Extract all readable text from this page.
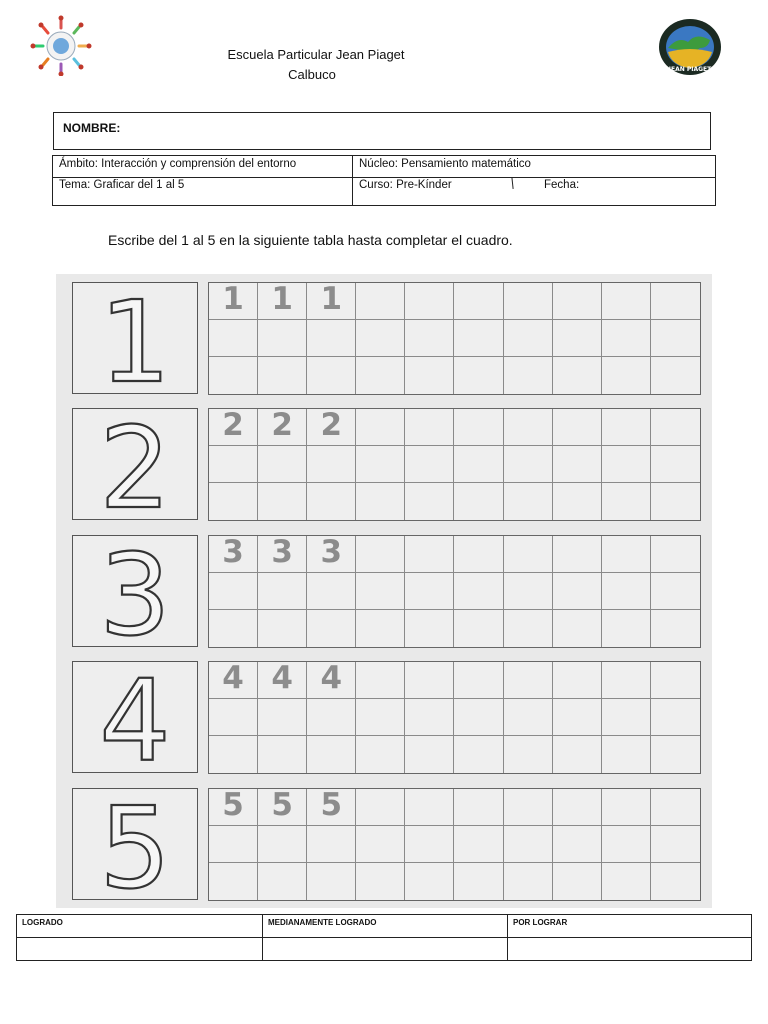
JEAN PIAGET
Escuela Particular Jean Piaget
Calbuco
NOMBRE:
Ámbito: Interacción y comprensión del entorno	Núcleo: Pensamiento matemático
Tema: Graficar del 1 al 5	Curso: Pre-Kínder	Fecha:
Escribe del 1 al 5 en la siguiente tabla hasta completar el cuadro.
1	1 1 1
2	2 2 2
3	3 3 3
4	4 4 4
5	5 5 5
LOGRADO	MEDIANAMENTE LOGRADO	POR LOGRAR
